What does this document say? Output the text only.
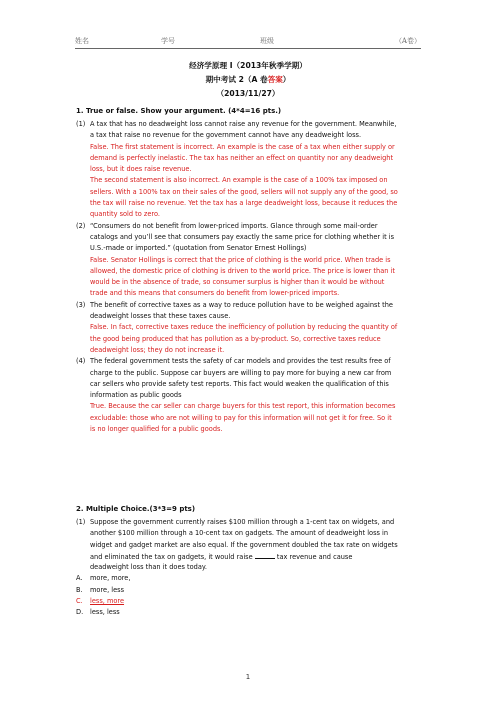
姓名	学号	班级	（A卷）
经济学原理 I（2013年秋季学期）
期中考试 2（A 卷答案）
（2013/11/27）
1. True or false. Show your argument. (4*4=16 pts.)
(1) A tax that has no deadweight loss cannot raise any revenue for the government. Meanwhile,
a tax that raise no revenue for the government cannot have any deadweight loss.
False. The first statement is incorrect. An example is the case of a tax when either supply or
demand is perfectly inelastic. The tax has neither an effect on quantity nor any deadweight
loss, but it does raise revenue.
The second statement is also incorrect. An example is the case of a 100% tax imposed on
sellers. With a 100% tax on their sales of the good, sellers will not supply any of the good, so
the tax will raise no revenue. Yet the tax has a large deadweight loss, because it reduces the
quantity sold to zero.
(2) “Consumers do not benefit from lower-priced imports. Glance through some mail-order
catalogs and you’ll see that consumers pay exactly the same price for clothing whether it is
U.S.-made or imported.” (quotation from Senator Ernest Hollings)
False. Senator Hollings is correct that the price of clothing is the world price. When trade is
allowed, the domestic price of clothing is driven to the world price. The price is lower than it
would be in the absence of trade, so consumer surplus is higher than it would be without
trade and this means that consumers do benefit from lower-priced imports.
(3) The benefit of corrective taxes as a way to reduce pollution have to be weighed against the
deadweight losses that these taxes cause.
False. In fact, corrective taxes reduce the inefficiency of pollution by reducing the quantity of
the good being produced that has pollution as a by-product. So, corrective taxes reduce
deadweight loss; they do not increase it.
(4) The federal government tests the safety of car models and provides the test results free of
charge to the public. Suppose car buyers are willing to pay more for buying a new car from
car sellers who provide safety test reports. This fact would weaken the qualification of this
information as public goods
True. Because the car seller can charge buyers for this test report, this information becomes
excludable: those who are not willing to pay for this information will not get it for free. So it
is no longer qualified for a public goods.
2. Multiple Choice.(3*3=9 pts)
(1) Suppose the government currently raises $100 million through a 1-cent tax on widgets, and
another $100 million through a 10-cent tax on gadgets. The amount of deadweight loss in
widget and gadget market are also equal. If the government doubled the tax rate on widgets
and eliminated the tax on gadgets, it would raise	tax revenue and cause
deadweight loss than it does today.
A. more, more,
B. more, less
C. less, more
D. less, less
1
